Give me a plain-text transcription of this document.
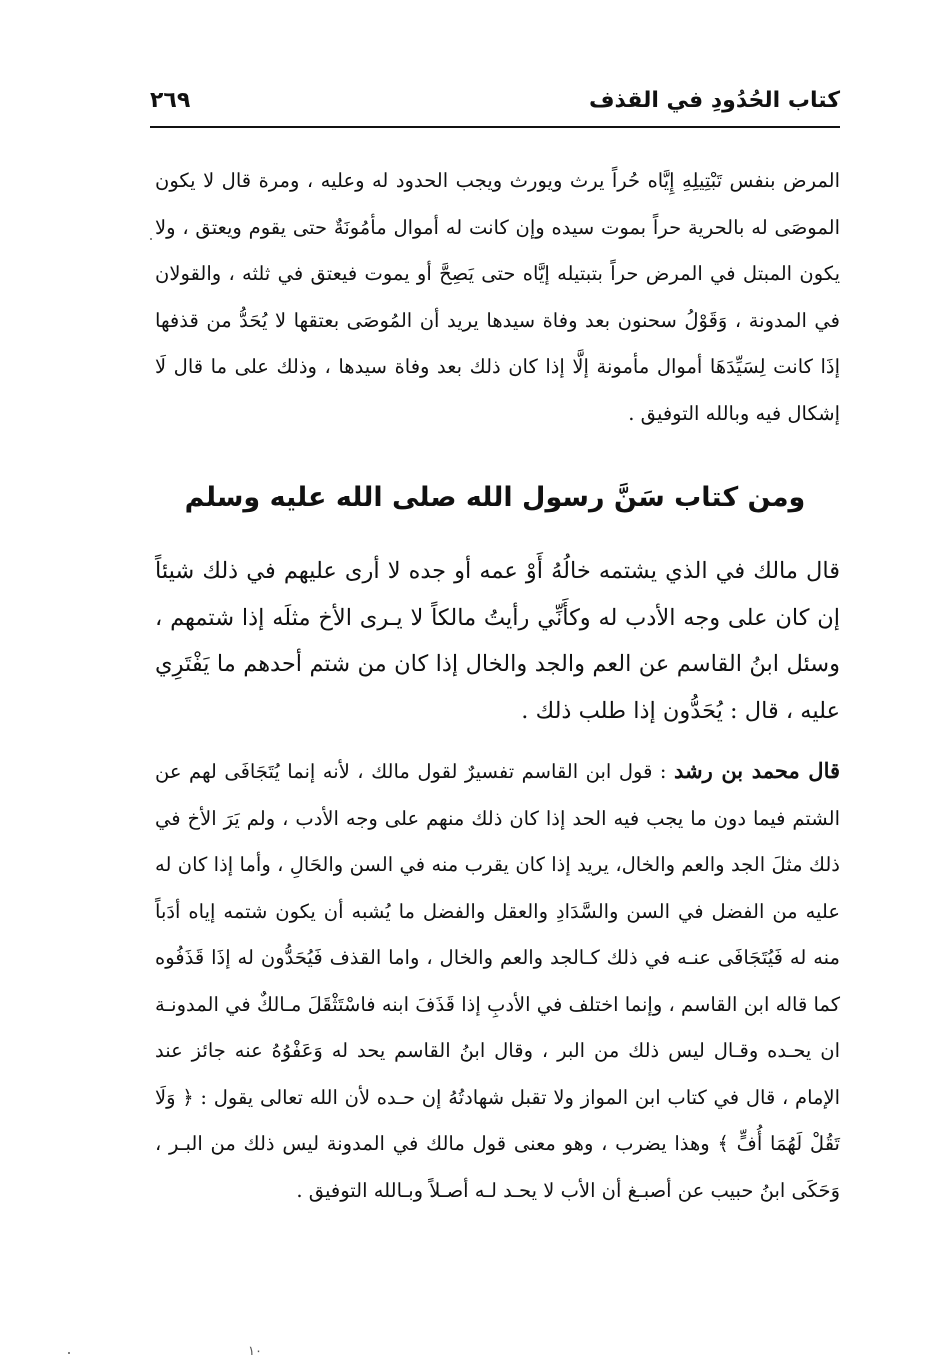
كتاب الحُدُودِ في القذف
٢٦٩
المرض بنفس تَبْتِيلِهِ إِيَّاه حُراً يرث ويورث ويجب الحدود له وعليه ، ومرة قال لا يكون الموصَى له بالحرية حراً بموت سيده وإن كانت له أموال مأمُونَةٌ حتى يقوم ويعتق ، ولا يكون المبتل في المرض حراً بتبتيله إيَّاه حتى يَصِحَّ أو يموت فيعتق في ثلثه ، والقولان في المدونة ، وَقَوْلُ سحنون بعد وفاة سيدها يريد أن المُوصَى بعتقها لا يُحَدُّ من قذفها إذَا كانت لِسَيِّدَهَا أموال مأمونة إلَّا إذا كان ذلك بعد وفاة سيدها ، وذلك على ما قال لَا إشكال فيه وبالله التوفيق .
ومن كتاب سَنَّ رسول الله صلى الله عليه وسلم
قال مالك في الذي يشتمه خالُهُ أَوْ عمه أو جده لا أرى عليهم في ذلك شيئاً إن كان على وجه الأدب له وكأَنِّي رأيتُ مالكاً لا يـرى الأخ مثلَه إذا شتمهم ، وسئل ابنُ القاسم عن العم والجد والخال إذا كان من شتم أحدهم ما يَفْتَرِي عليه ، قال : يُحَدُّون إذا طلب ذلك .
قال محمد بن رشد : قول ابن القاسم تفسيرٌ لقول مالك ، لأنه إنما يُتَجَافَى لهم عن الشتم فيما دون ما يجب فيه الحد إذا كان ذلك منهم على وجه الأدب ، ولم يَرَ الأخ في ذلك مثلَ الجد والعم والخال، يريد إذا كان يقرب منه في السن والحَالِ ، وأما إذا كان له عليه من الفضل في السن والسَّدَادِ والعقل والفضل ما يُشبه أن يكون شتمه إياه أدَباً منه له فَيُتَجَافَى عنـه في ذلك كـالجد والعم والخال ، واما القذف فَيُحَدُّون له إذَا قَذَفُوه كما قاله ابن القاسم ، وإنما اختلف في الأدبِ إذا قَذَفَ ابنه فاسْتَثْقَلَ مـالكٌ في المدونـة ان يحـده وقـال ليس ذلك من البر ، وقال ابنُ القاسم يحد له وَعَفْوُهُ عنه جائز عند الإمام ، قال في كتاب ابن المواز ولا تقبل شهادتُهُ إن حـده لأن الله تعالى يقول : ﴿ وَلَا تَقُلْ لَهُمَا أُفٍّ ﴾ وهذا يضرب ، وهو معنى قول مالك في المدونة ليس ذلك من البـر ، وَحَكَى ابنُ حبيب عن أصبـغ أن الأب لا يحـد لـه أصـلاً وبـالله التوفيق .
١٠
